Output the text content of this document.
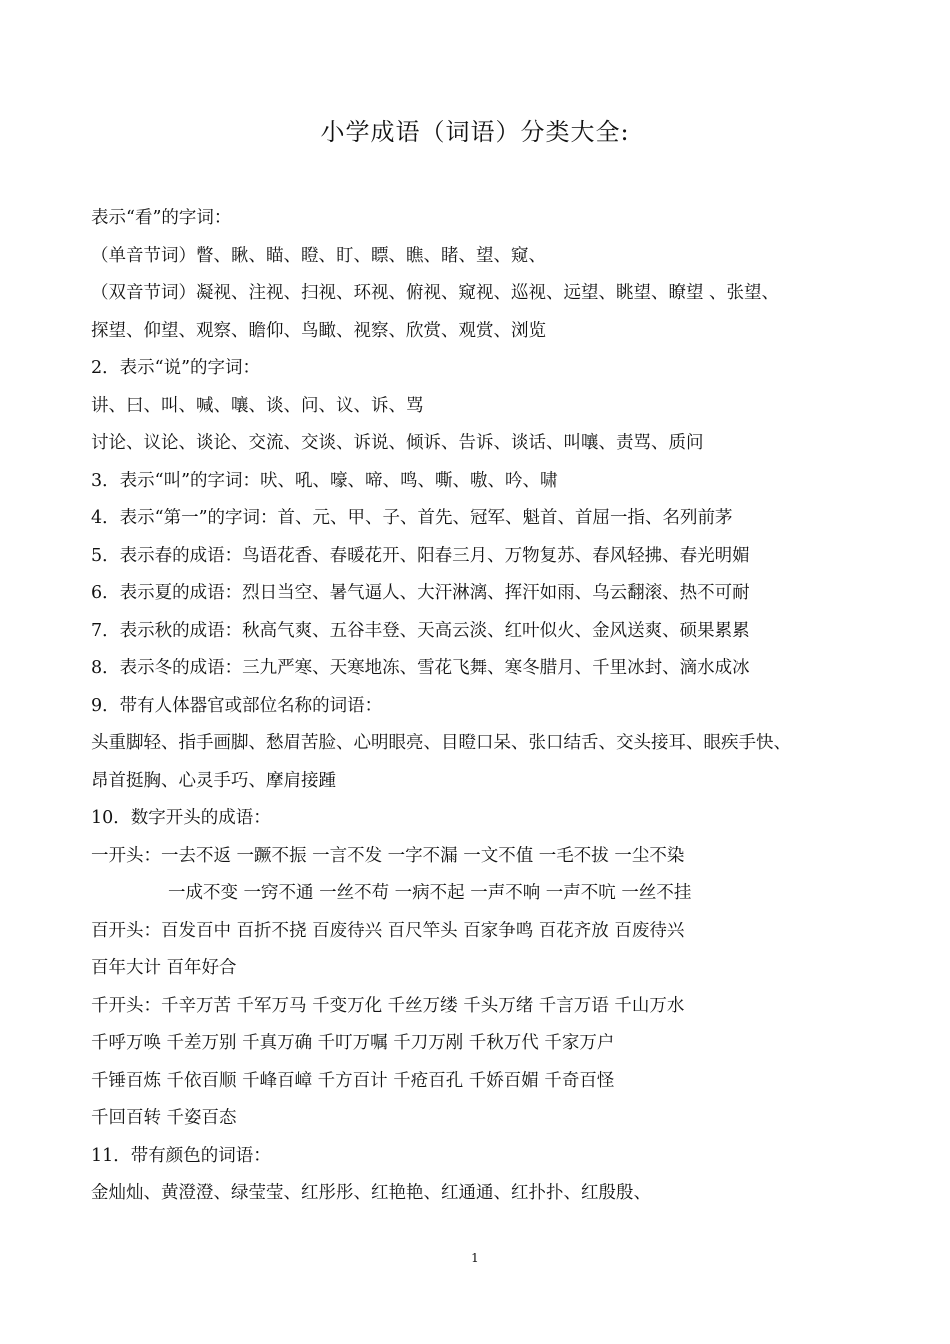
小学成语（词语）分类大全:

表示“看”的字词：

（单音节词）瞥、瞅、瞄、瞪、盯、瞟、瞧、睹、望、窥、

（双音节词）凝视、注视、扫视、环视、俯视、窥视、巡视、远望、眺望、瞭望 、张望、

探望、仰望、观察、瞻仰、鸟瞰、视察、欣赏、观赏、浏览

2．表示“说”的字词：

讲、曰、叫、喊、嚷、谈、问、议、诉、骂

讨论、议论、谈论、交流、交谈、诉说、倾诉、告诉、谈话、叫嚷、责骂、质问

3．表示“叫”的字词：吠、吼、嚎、啼、鸣、嘶、嗷、吟、啸

4．表示“第一”的字词：首、元、甲、子、首先、冠军、魁首、首屈一指、名列前茅

5．表示春的成语：鸟语花香、春暖花开、阳春三月、万物复苏、春风轻拂、春光明媚

6．表示夏的成语：烈日当空、暑气逼人、大汗淋漓、挥汗如雨、乌云翻滚、热不可耐

7．表示秋的成语：秋高气爽、五谷丰登、天高云淡、红叶似火、金风送爽、硕果累累

8．表示冬的成语：三九严寒、天寒地冻、雪花飞舞、寒冬腊月、千里冰封、滴水成冰

9．带有人体器官或部位名称的词语：

头重脚轻、指手画脚、愁眉苦脸、心明眼亮、目瞪口呆、张口结舌、交头接耳、眼疾手快、

昂首挺胸、心灵手巧、摩肩接踵

10．数字开头的成语：

一开头：一去不返 一蹶不振 一言不发 一字不漏 一文不值 一毛不拔 一尘不染

一成不变 一窍不通 一丝不苟 一病不起 一声不响 一声不吭 一丝不挂

百开头：百发百中 百折不挠 百废待兴 百尺竿头 百家争鸣 百花齐放 百废待兴

百年大计 百年好合

千开头：千辛万苦 千军万马 千变万化 千丝万缕 千头万绪 千言万语 千山万水

千呼万唤 千差万别 千真万确 千叮万嘱 千刀万剐 千秋万代 千家万户

千锤百炼 千依百顺 千峰百嶂 千方百计 千疮百孔 千娇百媚 千奇百怪

千回百转 千姿百态

11．带有颜色的词语：

金灿灿、黄澄澄、绿莹莹、红彤彤、红艳艳、红通通、红扑扑、红殷殷、

1
